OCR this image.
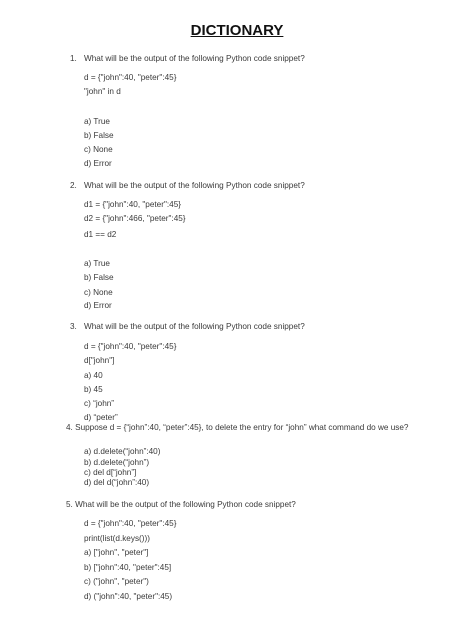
DICTIONARY
1. What will be the output of the following Python code snippet?
d = {"john":40, "peter":45}
"john" in d
a) True
b) False
c) None
d) Error
2. What will be the output of the following Python code snippet?
d1 = {"john":40, "peter":45}
d2 = {"john":466, "peter":45}
d1 == d2
a) True
b) False
c) None
d) Error
3. What will be the output of the following Python code snippet?
d = {"john":40, "peter":45}
d["john"]
a) 40
b) 45
c) “john”
d) “peter”
4. Suppose d = {“john”:40, “peter”:45}, to delete the entry for “john” what command do we use?
a) d.delete(“john”:40)
b) d.delete(“john”)
c) del d[“john”]
d) del d(“john”:40)
5. What will be the output of the following Python code snippet?
d = {"john":40, "peter":45}
print(list(d.keys()))
a) ["john", "peter"]
b) ["john":40, "peter":45]
c) ("john", "peter")
d) ("john":40, "peter":45)
